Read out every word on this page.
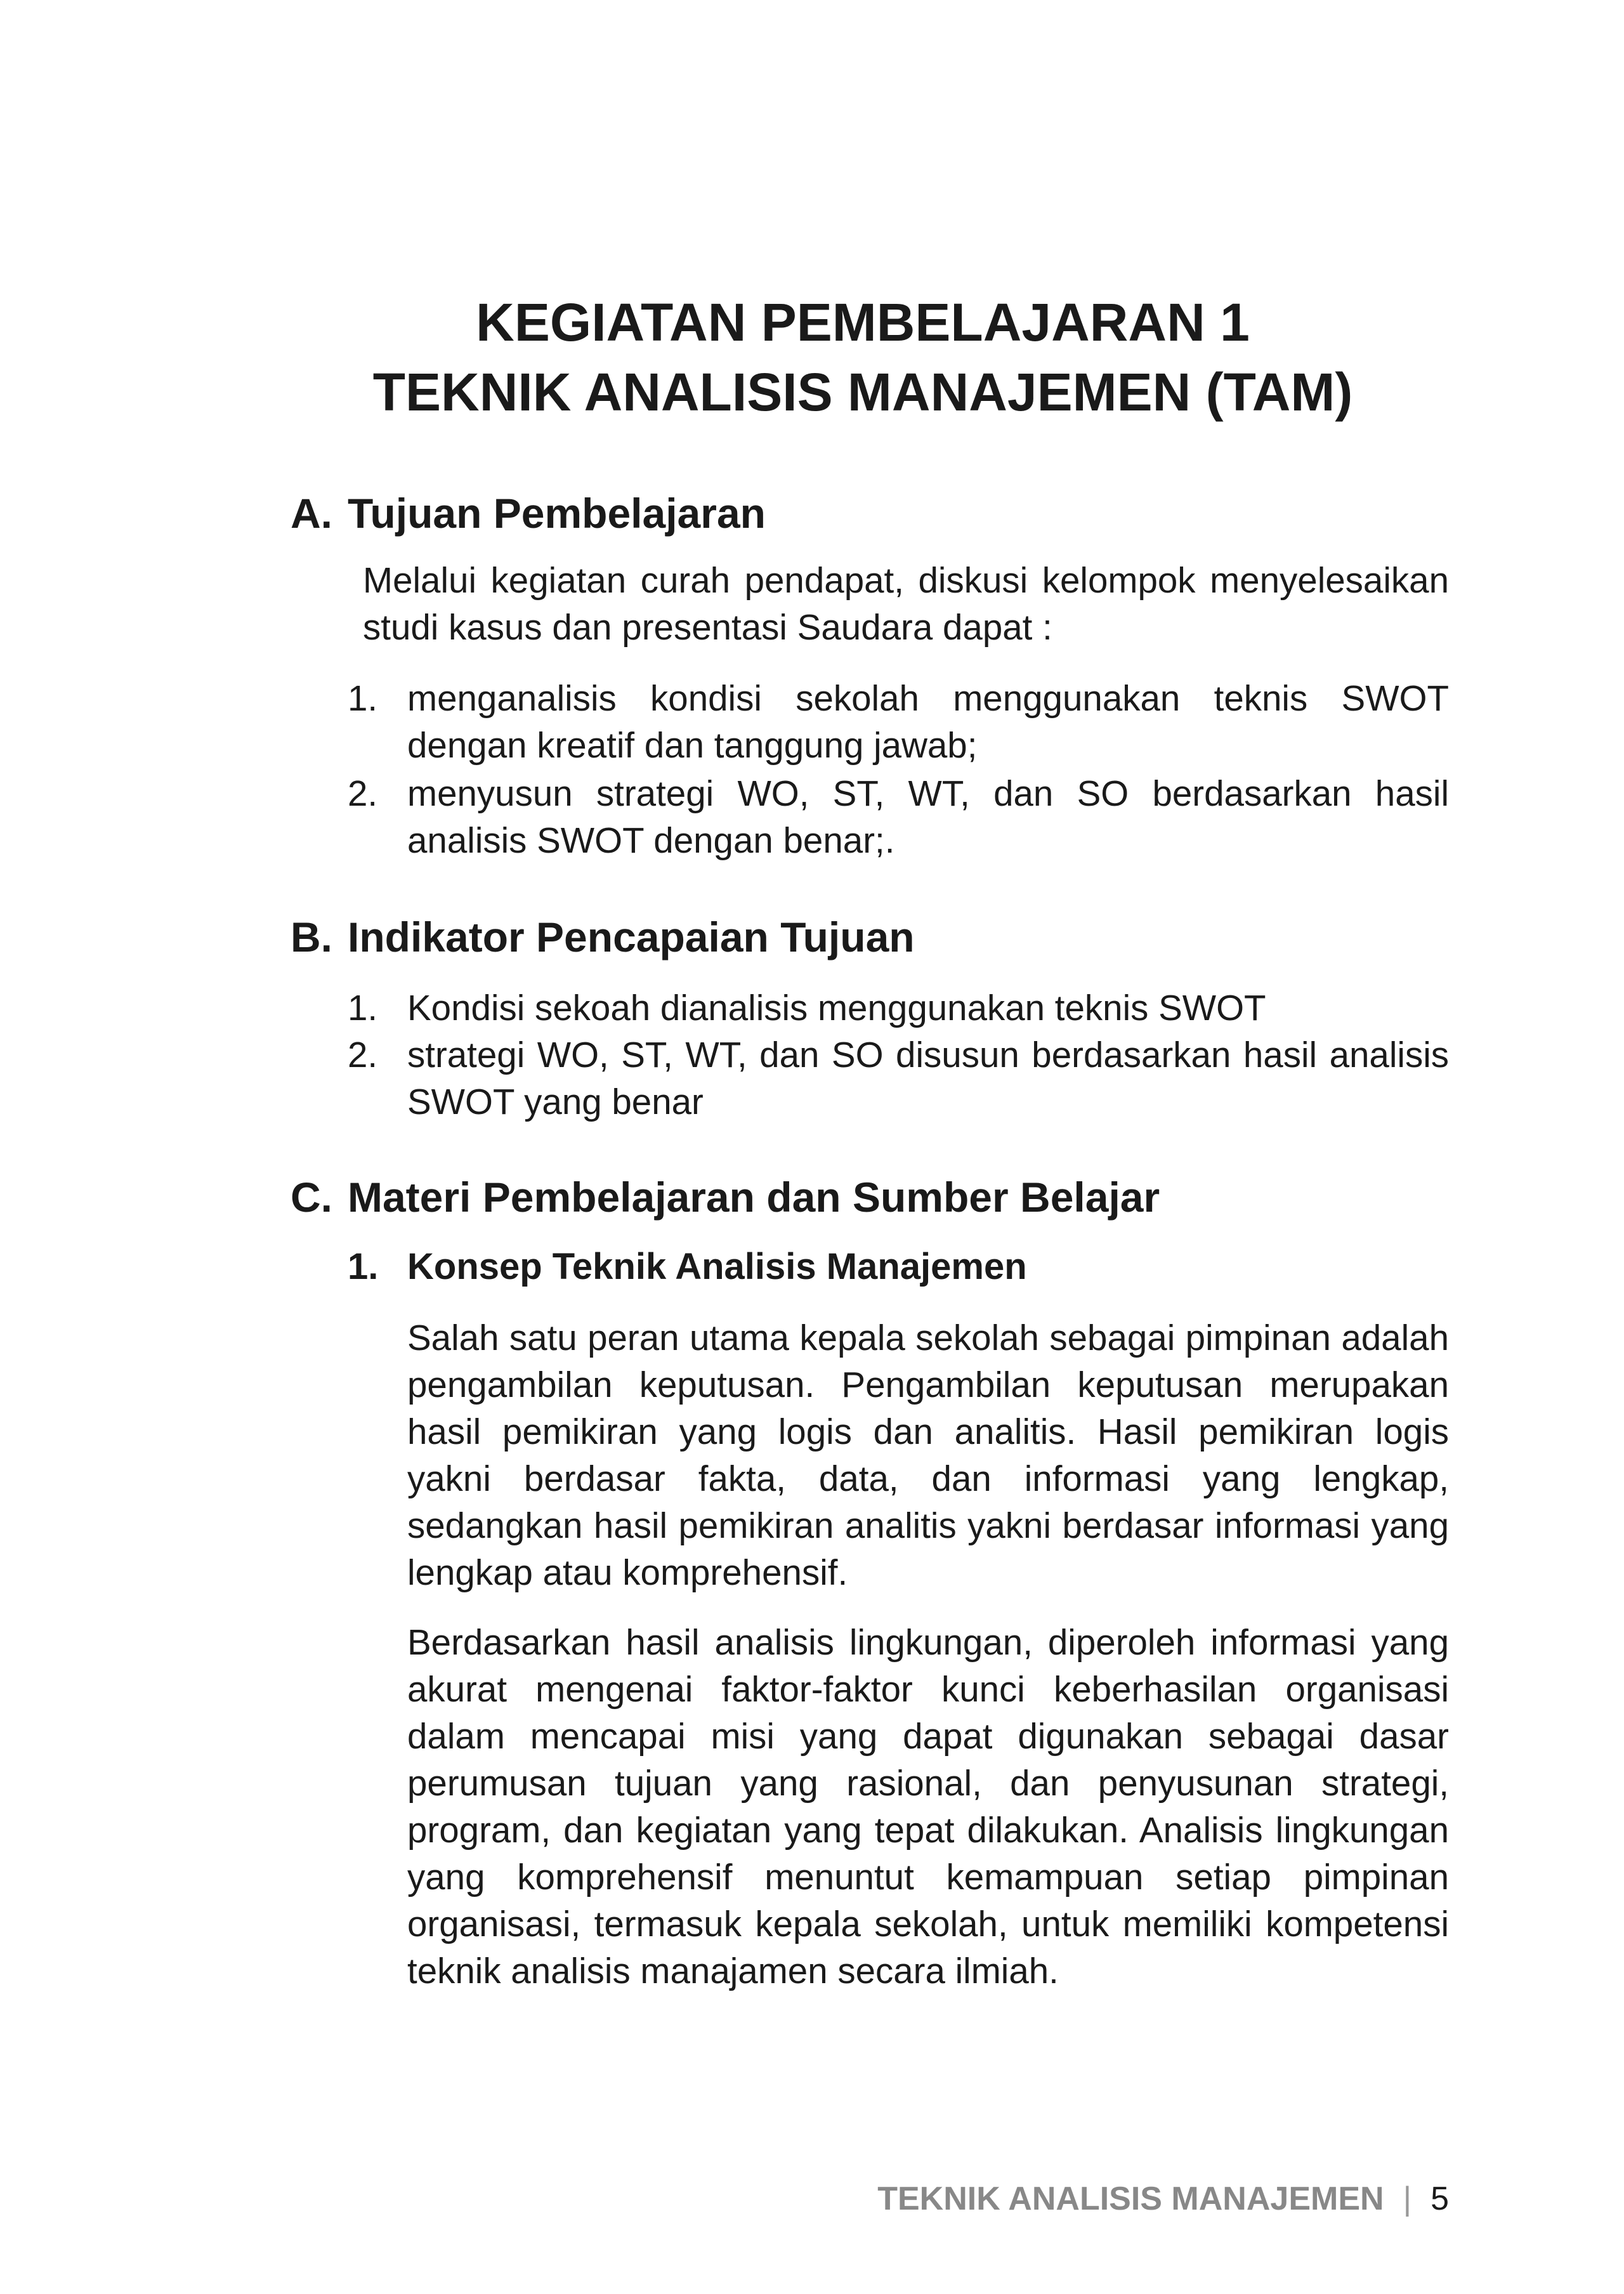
KEGIATAN PEMBELAJARAN 1
TEKNIK ANALISIS MANAJEMEN (TAM)
A. Tujuan Pembelajaran
Melalui kegiatan curah pendapat, diskusi kelompok menyelesaikan studi kasus dan presentasi Saudara dapat :
1. menganalisis kondisi sekolah menggunakan teknis SWOT dengan kreatif dan tanggung jawab;
2. menyusun strategi WO, ST, WT, dan SO berdasarkan hasil analisis SWOT dengan benar;.
B. Indikator Pencapaian Tujuan
1. Kondisi sekoah dianalisis menggunakan teknis SWOT
2. strategi WO, ST, WT, dan SO disusun berdasarkan hasil analisis SWOT yang benar
C. Materi Pembelajaran dan Sumber Belajar
1. Konsep Teknik Analisis Manajemen
Salah satu peran utama kepala sekolah sebagai pimpinan adalah pengambilan keputusan. Pengambilan keputusan merupakan hasil pemikiran yang logis dan analitis. Hasil pemikiran logis yakni berdasar fakta, data, dan informasi yang lengkap, sedangkan hasil pemikiran analitis yakni berdasar informasi yang lengkap atau komprehensif.
Berdasarkan hasil analisis lingkungan, diperoleh informasi yang akurat mengenai faktor-faktor kunci keberhasilan organisasi dalam mencapai misi yang dapat digunakan sebagai dasar perumusan tujuan yang rasional, dan penyusunan strategi, program, dan kegiatan yang tepat dilakukan. Analisis lingkungan yang komprehensif menuntut kemampuan setiap pimpinan organisasi, termasuk kepala sekolah, untuk memiliki kompetensi teknik analisis manajamen secara ilmiah.
TEKNIK ANALISIS MANAJEMEN | 5
